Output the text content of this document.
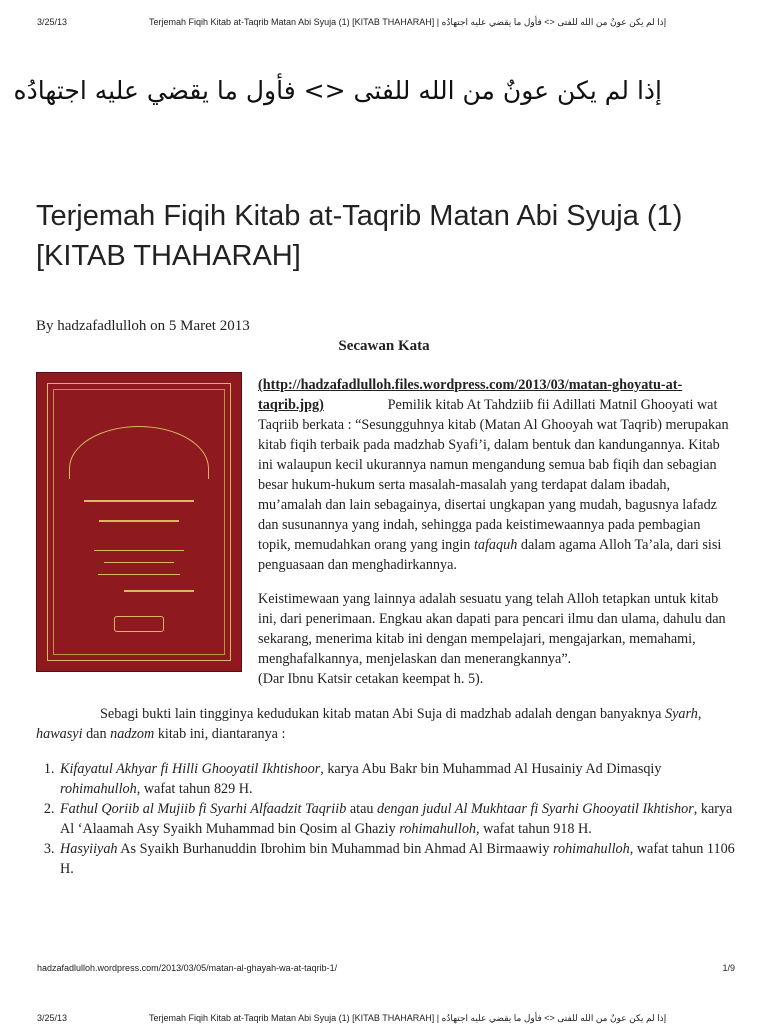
3/25/13	Terjemah Fiqih Kitab at-Taqrib Matan Abi Syuja (1) [KITAB THAHARAH] | إذا لم يكن عونٌ من الله للفتى <> فأول ما يقضي عليه اجتهادُه
إذا لم يكن عونٌ من الله للفتى <> فأول ما يقضي عليه اجتهادُه
Terjemah Fiqih Kitab at-Taqrib Matan Abi Syuja (1) [KITAB THAHARAH]
By hadzafadlulloh on 5 Maret 2013
Secawan Kata

(http://hadzafadlulloh.files.wordpress.com/2013/03/matan-ghoyatu-at-taqrib.jpg)	Pemilik kitab At Tahdziib fii Adillati Matnil Ghooyati wat Taqriib berkata : “Sesungguhnya kitab (Matan Al Ghooyah wat Taqrib) merupakan kitab fiqih terbaik pada madzhab Syafi’i, dalam bentuk dan kandungannya. Kitab ini walaupun kecil ukurannya namun mengandung semua bab fiqih dan sebagian besar hukum-hukum serta masalah-masalah yang terdapat dalam ibadah, mu’amalah dan lain sebagainya, disertai ungkapan yang mudah, bagusnya lafadz dan susunannya yang indah, sehingga pada keistimewaannya pada pembagian topik, memudahkan orang yang ingin tafaquh dalam agama Alloh Ta’ala, dari sisi penguasaan dan menghadirkannya.

Keistimewaan yang lainnya adalah sesuatu yang telah Alloh tetapkan untuk kitab ini, dari penerimaan. Engkau akan dapati para pencari ilmu dan ulama, dahulu dan sekarang, menerima kitab ini dengan mempelajari, mengajarkan, memahami, menghafalkannya, menjelaskan dan menerangkannya”.
(Dar Ibnu Katsir cetakan keempat h. 5).

Sebagi bukti lain tingginya kedudukan kitab matan Abi Suja di madzhab adalah dengan banyaknya Syarh, hawasyi dan nadzom kitab ini, diantaranya :

1. Kifayatul Akhyar fi Hilli Ghooyatil Ikhtishoor, karya Abu Bakr bin Muhammad Al Husainiy Ad Dimasqiy rohimahulloh, wafat tahun 829 H.
2. Fathul Qoriib al Mujiib fi Syarhi Alfaadzit Taqriib atau dengan judul Al Mukhtaar fi Syarhi Ghooyatil Ikhtishor, karya Al ‘Alaamah Asy Syaikh Muhammad bin Qosim al Ghaziy rohimahulloh, wafat tahun 918 H.
3. Hasyiiyah As Syaikh Burhanuddin Ibrohim bin Muhammad bin Ahmad Al Birmaawiy rohimahulloh, wafat tahun 1106 H.
hadzafadlulloh.wordpress.com/2013/03/05/matan-al-ghayah-wa-at-taqrib-1/	1/9
3/25/13	Terjemah Fiqih Kitab at-Taqrib Matan Abi Syuja (1) [KITAB THAHARAH] | إذا لم يكن عونٌ من الله للفتى <> فأول ما يقضي عليه اجتهادُه
